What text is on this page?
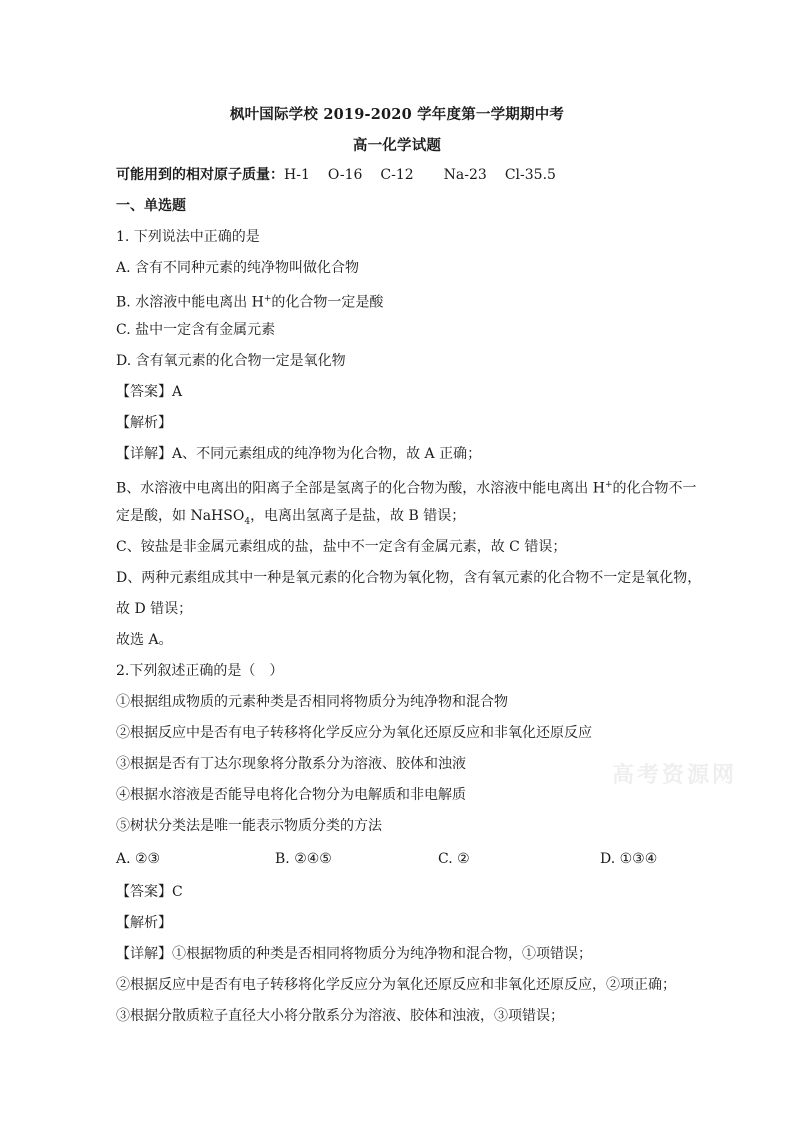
枫叶国际学校 2019-2020 学年度第一学期期中考
高一化学试题
可能用到的相对原子质量：H-1 O-16 C-12 Na-23 Cl-35.5
一、单选题
1. 下列说法中正确的是
A. 含有不同种元素的纯净物叫做化合物
B. 水溶液中能电离出 H+的化合物一定是酸
C. 盐中一定含有金属元素
D. 含有氧元素的化合物一定是氧化物
【答案】A
【解析】
【详解】A、不同元素组成的纯净物为化合物，故 A 正确；
B、水溶液中电离出的阳离子全部是氢离子的化合物为酸，水溶液中能电离出 H+的化合物不一
定是酸，如 NaHSO$_4$，电离出氢离子是盐，故 B 错误；
C、铵盐是非金属元素组成的盐，盐中不一定含有金属元素，故 C 错误；
D、两种元素组成其中一种是氧元素的化合物为氧化物，含有氧元素的化合物不一定是氧化物，
故 D 错误；
故选 A。
2.下列叙述正确的是（　）
①根据组成物质的元素种类是否相同将物质分为纯净物和混合物
②根据反应中是否有电子转移将化学反应分为氧化还原反应和非氧化还原反应
③根据是否有丁达尔现象将分散系分为溶液、胶体和浊液
④根据水溶液是否能导电将化合物分为电解质和非电解质
⑤树状分类法是唯一能表示物质分类的方法
A. ②③	B. ②④⑤	C. ②	D. ①③④
【答案】C
【解析】
【详解】①根据物质的种类是否相同将物质分为纯净物和混合物，①项错误；
②根据反应中是否有电子转移将化学反应分为氧化还原反应和非氧化还原反应，②项正确；
③根据分散质粒子直径大小将分散系分为溶液、胶体和浊液，③项错误；
高考资源网
